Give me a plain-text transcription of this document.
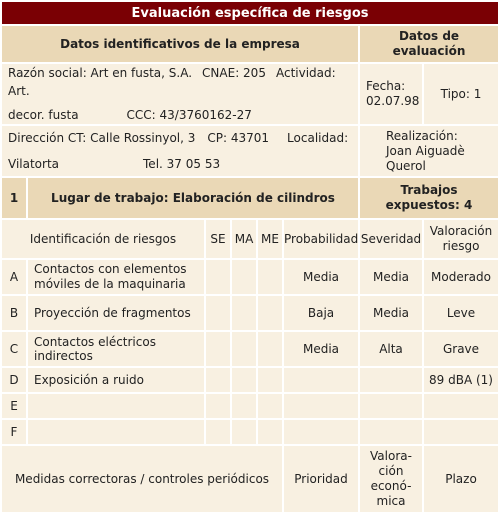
Evaluación específica de riesgos							
Datos identificativos de la empresa						Datos de evaluación	

Razón social: Art en fusta, S.A. CNAE: 205 Actividad: Art.
decor. fusta CCC: 43/3760162-27						Fecha:
02.07.98	Tipo: 1

Dirección CT: Calle Rossinyol, 3 CP: 43701 Localidad:
Vilatorta Tel. 37 05 53						Realización:
Joan Aiguadè
Querol	

1	Lugar de trabajo: Elaboración de cilindros					Trabajos
expuestos: 4	

Identificación de riesgos		SE	MA	ME	Probabilidad	Severidad	Valoración
riesgo

A	Contactos con elementos
móviles de la maquinaria				Media	Media	Moderado
B	Proyección de fragmentos				Baja	Media	Leve
C	Contactos eléctricos indirectos				Media	Alta	Grave
D	Exposición a ruido						89 dBA (1)
E							
F							
Medidas correctoras / controles periódicos					Prioridad	Valora-
ción
econó-
mica	Plazo
